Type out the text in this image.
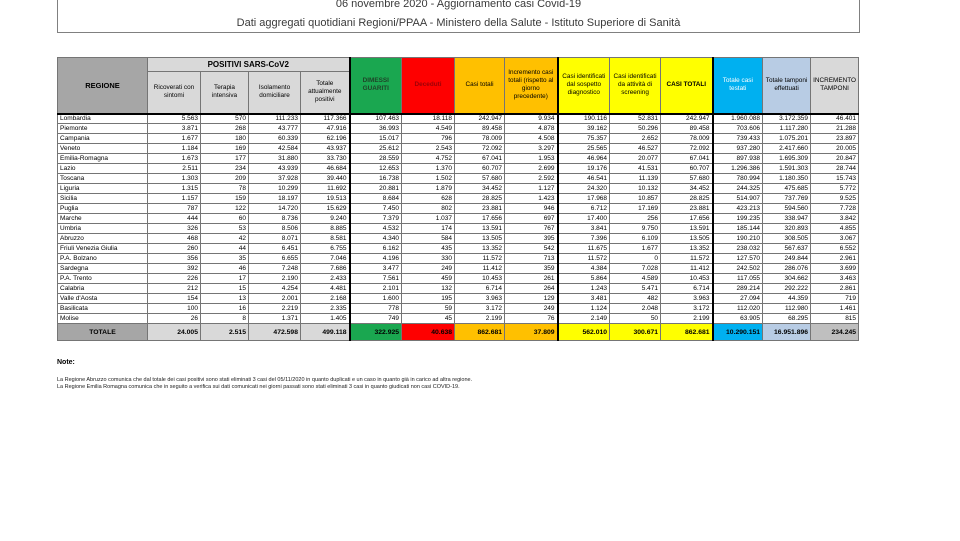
06 novembre 2020 - Aggiornamento casi Covid-19
Dati aggregati quotidiani Regioni/PPAA - Ministero della Salute - Istituto Superiore di Sanità
REGIONE	POSITIVI SARS-CoV2				DIMESSI GUARITI	Deceduti	Casi totali	Incremento casi totali (rispetto al giorno precedente)	Casi identificati dal sospetto diagnostico	Casi identificati da attività di screening	CASI TOTALI	Totale casi testati	Totale tamponi effettuati	INCREMENTO TAMPONI
	Ricoverati con sintomi	Terapia intensiva	Isolamento domiciliare	Totale attualmente positivi										
Lombardia	5.563	570	111.233	117.366	107.463	18.118	242.947	9.934	190.116	52.831	242.947	1.960.088	3.172.359	46.401
Piemonte	3.871	268	43.777	47.916	36.993	4.549	89.458	4.878	39.162	50.296	89.458	703.606	1.117.280	21.288
Campania	1.677	180	60.339	62.196	15.017	796	78.009	4.508	75.357	2.652	78.009	739.433	1.075.201	23.897
Veneto	1.184	169	42.584	43.937	25.612	2.543	72.092	3.297	25.565	46.527	72.092	937.280	2.417.660	20.005
Emilia-Romagna	1.673	177	31.880	33.730	28.559	4.752	67.041	1.953	46.964	20.077	67.041	897.938	1.695.309	20.847
Lazio	2.511	234	43.939	46.684	12.653	1.370	60.707	2.699	19.176	41.531	60.707	1.296.386	1.591.303	28.744
Toscana	1.303	209	37.928	39.440	16.738	1.502	57.680	2.592	46.541	11.139	57.680	780.994	1.180.350	15.743
Liguria	1.315	78	10.299	11.692	20.881	1.879	34.452	1.127	24.320	10.132	34.452	244.325	475.685	5.772
Sicilia	1.157	159	18.197	19.513	8.684	628	28.825	1.423	17.968	10.857	28.825	514.907	737.769	9.525
Puglia	787	122	14.720	15.629	7.450	802	23.881	946	6.712	17.169	23.881	423.213	594.560	7.728
Marche	444	60	8.736	9.240	7.379	1.037	17.656	697	17.400	256	17.656	199.235	338.947	3.842
Umbria	326	53	8.506	8.885	4.532	174	13.591	767	3.841	9.750	13.591	185.144	320.893	4.855
Abruzzo	468	42	8.071	8.581	4.340	584	13.505	395	7.396	6.109	13.505	190.210	308.505	3.067
Friuli Venezia Giulia	260	44	6.451	6.755	6.162	435	13.352	542	11.675	1.677	13.352	238.032	567.637	6.552
P.A. Bolzano	356	35	6.655	7.046	4.196	330	11.572	713	11.572	0	11.572	127.570	249.844	2.961
Sardegna	392	46	7.248	7.686	3.477	249	11.412	359	4.384	7.028	11.412	242.502	286.076	3.699
P.A. Trento	226	17	2.190	2.433	7.561	459	10.453	261	5.864	4.589	10.453	117.055	304.662	3.463
Calabria	212	15	4.254	4.481	2.101	132	6.714	264	1.243	5.471	6.714	289.214	292.222	2.861
Valle d'Aosta	154	13	2.001	2.168	1.600	195	3.963	129	3.481	482	3.963	27.094	44.359	719
Basilicata	100	16	2.219	2.335	778	59	3.172	249	1.124	2.048	3.172	112.020	112.980	1.461
Molise	26	8	1.371	1.405	749	45	2.199	76	2.149	50	2.199	63.905	68.295	815
TOTALE	24.005	2.515	472.598	499.118	322.925	40.638	862.681	37.809	562.010	300.671	862.681	10.290.151	16.951.896	234.245
Note:
La Regione Abruzzo comunica che dal totale dei casi positivi sono stati eliminati 3 casi del 05/11/2020 in quanto duplicati e un caso in quanto già in carico ad altra regione.
La Regione Emilia Romagna comunica che in seguito a verifica sui dati comunicati nei giorni passati sono stati eliminati 3 casi in quanto giudicati non casi COVID-19.
